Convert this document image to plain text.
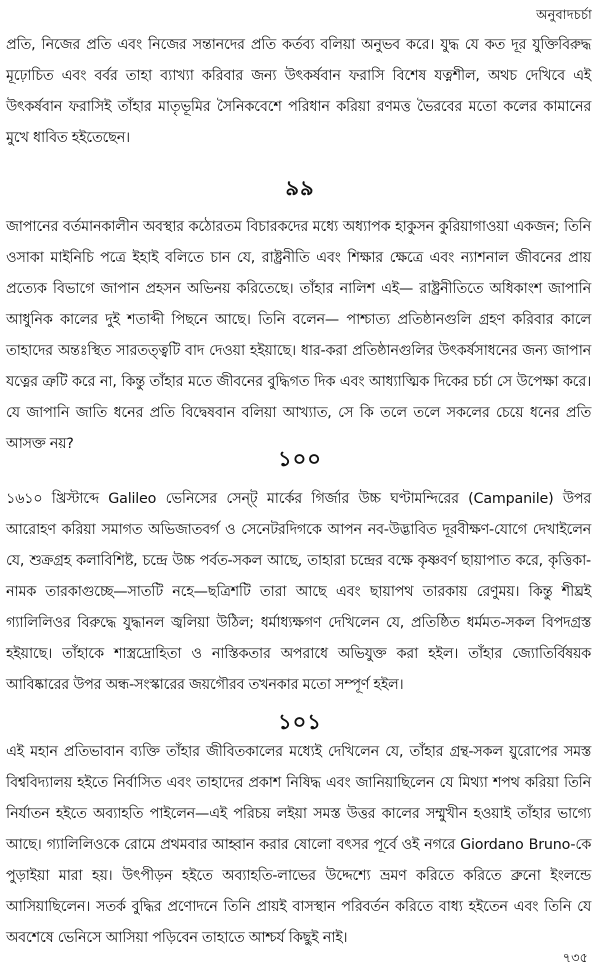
অনুবাদচর্চা

প্রতি, নিজের প্রতি এবং নিজের সন্তানদের প্রতি কর্তব্য বলিয়া অনুভব করে। যুদ্ধ যে কত দূর যুক্তিবিরুদ্ধ মূঢ়োচিত এবং বর্বর তাহা ব্যাখ্যা করিবার জন্য উৎকর্ষবান ফরাসি বিশেষ যত্নশীল, অথচ দেখিবে এই উৎকর্ষবান ফরাসিই তাঁহার মাতৃভূমির সৈনিকবেশে পরিধান করিয়া রণমত্ত ভৈরবের মতো কলের কামানের মুখে ধাবিত হইতেছেন।

৯৯

জাপানের বর্তমানকালীন অবস্থার কঠোরতম বিচারকদের মধ্যে অধ্যাপক হাকুসন কুরিয়াগাওয়া একজন; তিনি ওসাকা মাইনিচি পত্রে ইহাই বলিতে চান যে, রাষ্ট্রনীতি এবং শিক্ষার ক্ষেত্রে এবং ন্যাশনাল জীবনের প্রায় প্রত্যেক বিভাগে জাপান প্রহসন অভিনয় করিতেছে। তাঁহার নালিশ এই— রাষ্ট্রনীতিতে অধিকাংশ জাপানি আধুনিক কালের দুই শতাব্দী পিছনে আছে। তিনি বলেন— পাশ্চাত্য প্রতিষ্ঠানগুলি গ্রহণ করিবার কালে তাহাদের অন্তঃস্থিত সারতত্ত্বটি বাদ দেওয়া হইয়াছে। ধার-করা প্রতিষ্ঠানগুলির উৎকর্ষসাধনের জন্য জাপান যত্নের ত্রুটি করে না, কিন্তু তাঁহার মতে জীবনের বুদ্ধিগত দিক এবং আধ্যাত্মিক দিকের চর্চা সে উপেক্ষা করে। যে জাপানি জাতি ধনের প্রতি বিদ্বেষবান বলিয়া আখ্যাত, সে কি তলে তলে সকলের চেয়ে ধনের প্রতি আসক্ত নয়?

১০০

১৬১০ খ্রিস্টাব্দে Galileo ভেনিসের সেন্ট্ মার্কের গির্জার উচ্চ ঘণ্টামন্দিরের (Campanile) উপর আরোহণ করিয়া সমাগত অভিজাতবর্গ ও সেনেটরদিগকে আপন নব-উদ্ভাবিত দূরবীক্ষণ-যোগে দেখাইলেন যে, শুক্রগ্রহ কলাবিশিষ্ট, চন্দ্রে উচ্চ পর্বত-সকল আছে, তাহারা চন্দ্রের বক্ষে কৃষ্ণবর্ণ ছায়াপাত করে, কৃত্তিকা-নামক তারকাগুচ্ছে—সাতটি নহে—ছত্রিশটি তারা আছে এবং ছায়াপথ তারকায় রেণুময়। কিন্তু শীঘ্রই গ্যালিলিওর বিরুদ্ধে যুদ্ধানল জ্বলিয়া উঠিল; ধর্মাধ্যক্ষগণ দেখিলেন যে, প্রতিষ্ঠিত ধর্মমত-সকল বিপদগ্রস্ত হইয়াছে। তাঁহাকে শাস্ত্রদ্রোহিতা ও নাস্তিকতার অপরাধে অভিযুক্ত করা হইল। তাঁহার জ্যোতির্বিষয়ক আবিষ্কারের উপর অন্ধ-সংস্কারের জয়গৌরব তখনকার মতো সম্পূর্ণ হইল।

১০১

এই মহান প্রতিভাবান ব্যক্তি তাঁহার জীবিতকালের মধ্যেই দেখিলেন যে, তাঁহার গ্রন্থ-সকল য়ুরোপের সমস্ত বিশ্ববিদ্যালয় হইতে নির্বাসিত এবং তাহাদের প্রকাশ নিষিদ্ধ এবং জানিয়াছিলেন যে মিথ্যা শপথ করিয়া তিনি নির্যাতন হইতে অব্যাহতি পাইলেন—এই পরিচয় লইয়া সমস্ত উত্তর কালের সম্মুখীন হওয়াই তাঁহার ভাগ্যে আছে। গ্যালিলিওকে রোমে প্রথমবার আহ্বান করার ষোলো বৎসর পূর্বে ওই নগরে Giordano Bruno-কে পুড়াইয়া মারা হয়। উৎপীড়ন হইতে অব্যাহতি-লাভের উদ্দেশ্যে ভ্রমণ করিতে করিতে ব্রুনো ইংলন্ডে আসিয়াছিলেন। সতর্ক বুদ্ধির প্রণোদনে তিনি প্রায়ই বাসস্থান পরিবর্তন করিতে বাধ্য হইতেন এবং তিনি যে অবশেষে ভেনিসে আসিয়া পড়িবেন তাহাতে আশ্চর্য কিছুই নাই।

৭৩৫
